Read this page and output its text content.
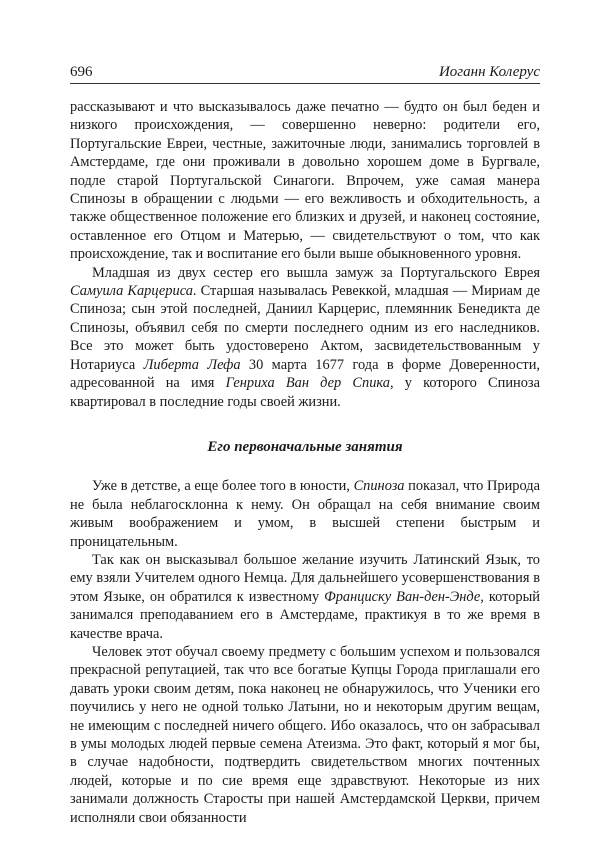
696	Иоганн Колерус

рассказывают и что высказывалось даже печатно — будто он был беден и низкого происхождения, — совершенно неверно: родители его, Португальские Евреи, честные, зажиточные люди, занимались торговлей в Амстердаме, где они проживали в довольно хорошем доме в Бургвале, подле старой Португальской Синагоги. Впрочем, уже самая манера Спинозы в обращении с людьми — его вежливость и обходительность, а также общественное положение его близких и друзей, и наконец состояние, оставленное его Отцом и Матерью, — свидетельствуют о том, что как происхождение, так и воспитание его были выше обыкновенного уровня.

Младшая из двух сестер его вышла замуж за Португальского Еврея Самуила Карцериса. Старшая называлась Ревеккой, младшая — Мириам де Спиноза; сын этой последней, Даниил Карцерис, племянник Бенедикта де Спинозы, объявил себя по смерти последнего одним из его наследников. Все это может быть удостоверено Актом, засвидетельствованным у Нотариуса Либерта Лефа 30 марта 1677 года в форме Доверенности, адресованной на имя Генриха Ван дер Спика, у которого Спиноза квартировал в последние годы своей жизни.

Его первоначальные занятия

Уже в детстве, а еще более того в юности, Спиноза показал, что Природа не была неблагосклонна к нему. Он обращал на себя внимание своим живым воображением и умом, в высшей степени быстрым и проницательным.

Так как он высказывал большое желание изучить Латинский Язык, то ему взяли Учителем одного Немца. Для дальнейшего усовершенствования в этом Языке, он обратился к известному Франциску Ван-ден-Энде, который занимался преподаванием его в Амстердаме, практикуя в то же время в качестве врача.

Человек этот обучал своему предмету с большим успехом и пользовался прекрасной репутацией, так что все богатые Купцы Города приглашали его давать уроки своим детям, пока наконец не обнаружилось, что Ученики его поучились у него не одной только Латыни, но и некоторым другим вещам, не имеющим с последней ничего общего. Ибо оказалось, что он забрасывал в умы молодых людей первые семена Атеизма. Это факт, который я мог бы, в случае надобности, подтвердить свидетельством многих почтенных людей, которые и по сие время еще здравствуют. Некоторые из них занимали должность Старосты при нашей Амстердамской Церкви, причем исполняли свои обязанности
